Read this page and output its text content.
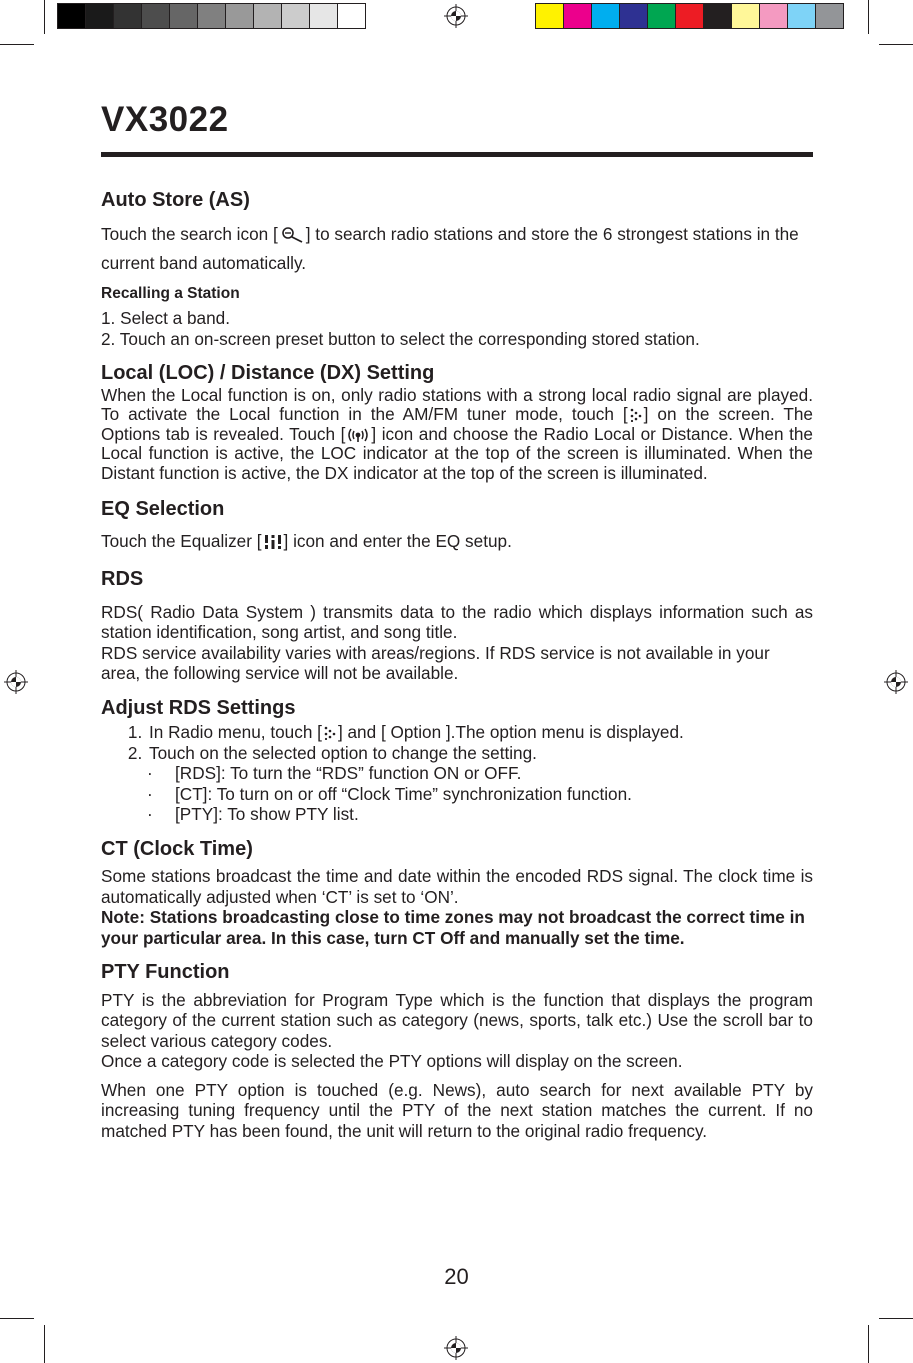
VX3022
Auto Store (AS)

Touch the search icon [ ] to search radio stations and store the 6 strongest stations in the current band automatically.

Recalling a Station

1. Select a band.

2. Touch an on-screen preset button to select the corresponding stored station.

Local (LOC) / Distance (DX) Setting

When the Local function is on, only radio stations with a strong local radio signal are played. To activate the Local function in the AM/FM tuner mode, touch [ ] on the screen. The Options tab is revealed. Touch [ ] icon and choose the Radio Local or Distance. When the Local function is active, the LOC indicator at the top of the screen is illuminated. When the Distant function is active, the DX indicator at the top of the screen is illuminated.

EQ Selection

Touch the Equalizer [ ] icon and enter the EQ setup.

RDS

RDS( Radio Data System ) transmits data to the radio which displays information such as station identification, song artist, and song title.

RDS service availability varies with areas/regions. If RDS service is not available in your area, the following service will not be available.

Adjust RDS Settings
1. In Radio menu, touch [ ] and [ Option ].The option menu is displayed.
2. Touch on the selected option to change the setting.
· [RDS]: To turn the “RDS” function ON or OFF.
· [CT]: To turn on or off “Clock Time” synchronization function.
· [PTY]: To show PTY list.
CT (Clock Time)

Some stations broadcast the time and date within the encoded RDS signal. The clock time is automatically adjusted when ‘CT’ is set to ‘ON’.

Note: Stations broadcasting close to time zones may not broadcast the correct time in your particular area. In this case, turn CT Off and manually set the time.

PTY Function

PTY is the abbreviation for Program Type which is the function that displays the program category of the current station such as category (news, sports, talk etc.) Use the scroll bar to select various category codes.

Once a category code is selected the PTY options will display on the screen.

When one PTY option is touched (e.g. News), auto search for next available PTY by increasing tuning frequency until the PTY of the next station matches the current. If no matched PTY has been found, the unit will return to the original radio frequency.

20
